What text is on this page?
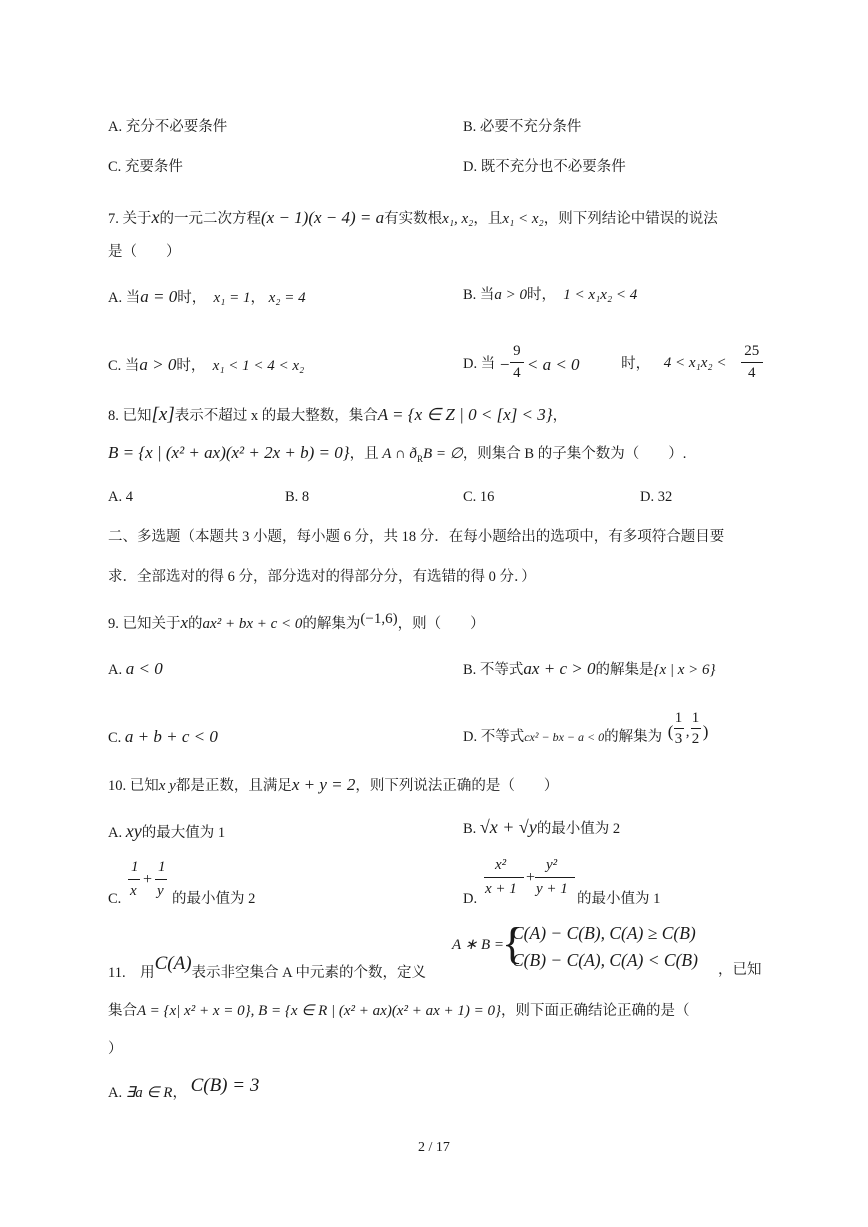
A. 充分不必要条件	B. 必要不充分条件
C. 充要条件	D. 既不充分也不必要条件
7. 关于x的一元二次方程(x − 1)(x − 4) = a有实数根x₁, x₂，且x₁ < x₂，则下列结论中错误的说法
是（　　）
A. 当a = 0时， x₁ = 1， x₂ = 4	B. 当a > 0时， 1 < x₁x₂ < 4
C. 当a > 0时， x₁ < 1 < 4 < x₂	D. 当 −
9
4 < a < 0	时， 4 < x₁x₂ <
25
4
8. 已知[x]表示不超过 x 的最大整数，集合A = {x ∈ Z | 0 < [x] < 3}，
B = {x | (x² + ax)(x² + 2x + b) = 0}，且 A ∩ $ð_RB$ = ∅，则集合 B 的子集个数为（　　）.
A. 4	B. 8	C. 16	D. 32
二、多选题（本题共 3 小题，每小题 6 分，共 18 分．在每小题给出的选项中，有多项符合题目要
求．全部选对的得 6 分，部分选对的得部分分，有选错的得 0 分．）
9. 已知关于x的ax² + bx + c < 0的解集为(−1,6)，则（　　）
A. a < 0	B. 不等式ax + c > 0的解集是{x | x > 6}
C. a + b + c < 0	D. 不等式$_{cx^2 - bx - a < 0}$的解集为 (
1
3 ,
1
2 )
10. 已知x y都是正数，且满足x + y = 2，则下列说法正确的是（　　）
A. xy的最大值为 1	B. √x + √y的最小值为 2
C.
1
x
+
1
y 的最小值为 2	D.
x²
x + 1
+
y²
y + 1
的最小值为 1
11.　用C(A)表示非空集合 A 中元素的个数，定义
A ∗ B =
{
C(A) − C(B), C(A) ≥ C(B)
C(B) − C(A), C(A) < C(B) ，已知
集合A = {x| x² + x = 0}, B = {x ∈ R | (x² + ax)(x² + ax + 1) = 0}，则下面正确结论正确的是（
）
A. ∃a ∈ R， C(B) = 3
2 / 17
